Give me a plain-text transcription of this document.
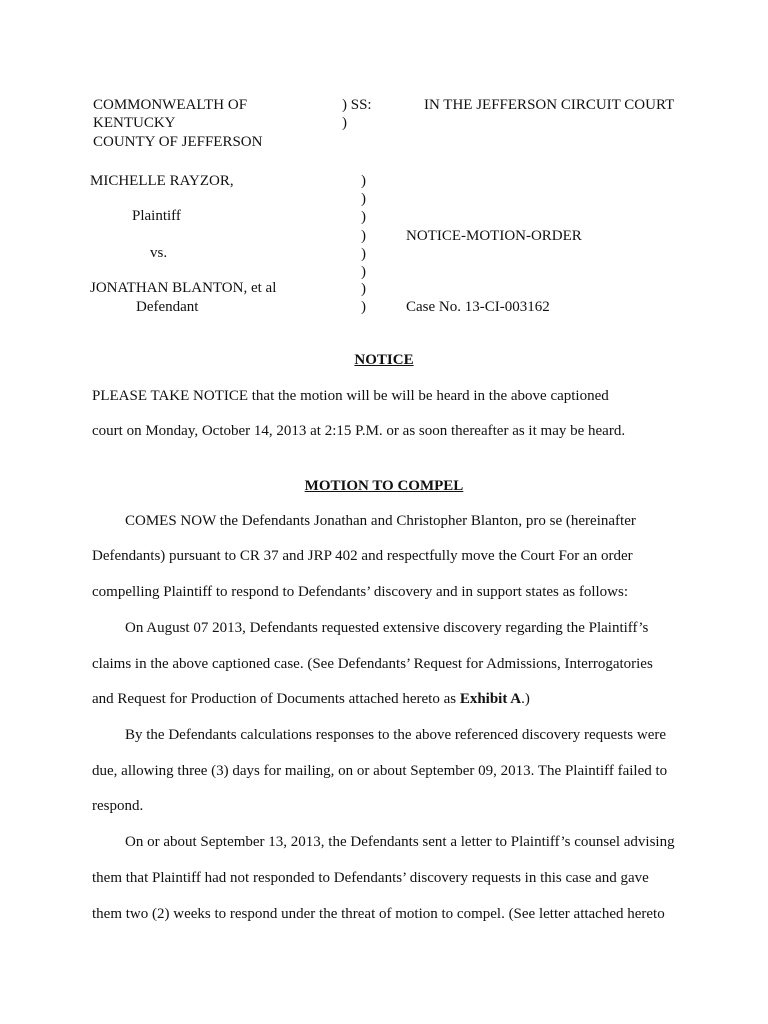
COMMONWEALTH OF
KENTUCKY
COUNTY OF JEFFERSON
) SS:
)
IN THE JEFFERSON CIRCUIT COURT
MICHELLE RAYZOR,
Plaintiff
vs.
JONATHAN BLANTON, et al
Defendant
)
)
)
)
)
)
)
)
NOTICE-MOTION-ORDER
Case No. 13-CI-003162
NOTICE
PLEASE TAKE NOTICE that the motion will be will be heard in the above captioned
court on Monday, October 14, 2013 at 2:15 P.M. or as soon thereafter as it may be heard.
MOTION TO COMPEL
COMES NOW the Defendants Jonathan and Christopher Blanton, pro se (hereinafter
Defendants) pursuant to CR 37 and JRP 402 and respectfully move the Court For an order
compelling Plaintiff to respond to Defendants’ discovery and in support states as follows:
On August 07 2013, Defendants requested extensive discovery regarding the Plaintiff’s
claims in the above captioned case. (See Defendants’ Request for Admissions, Interrogatories
and Request for Production of Documents attached hereto as Exhibit A.)
By the Defendants calculations responses to the above referenced discovery requests were
due, allowing three (3) days for mailing, on or about September 09, 2013. The Plaintiff failed to
respond.
On or about September 13, 2013, the Defendants sent a letter to Plaintiff’s counsel advising
them that Plaintiff had not responded to Defendants’ discovery requests in this case and gave
them two (2) weeks to respond under the threat of motion to compel. (See letter attached hereto
